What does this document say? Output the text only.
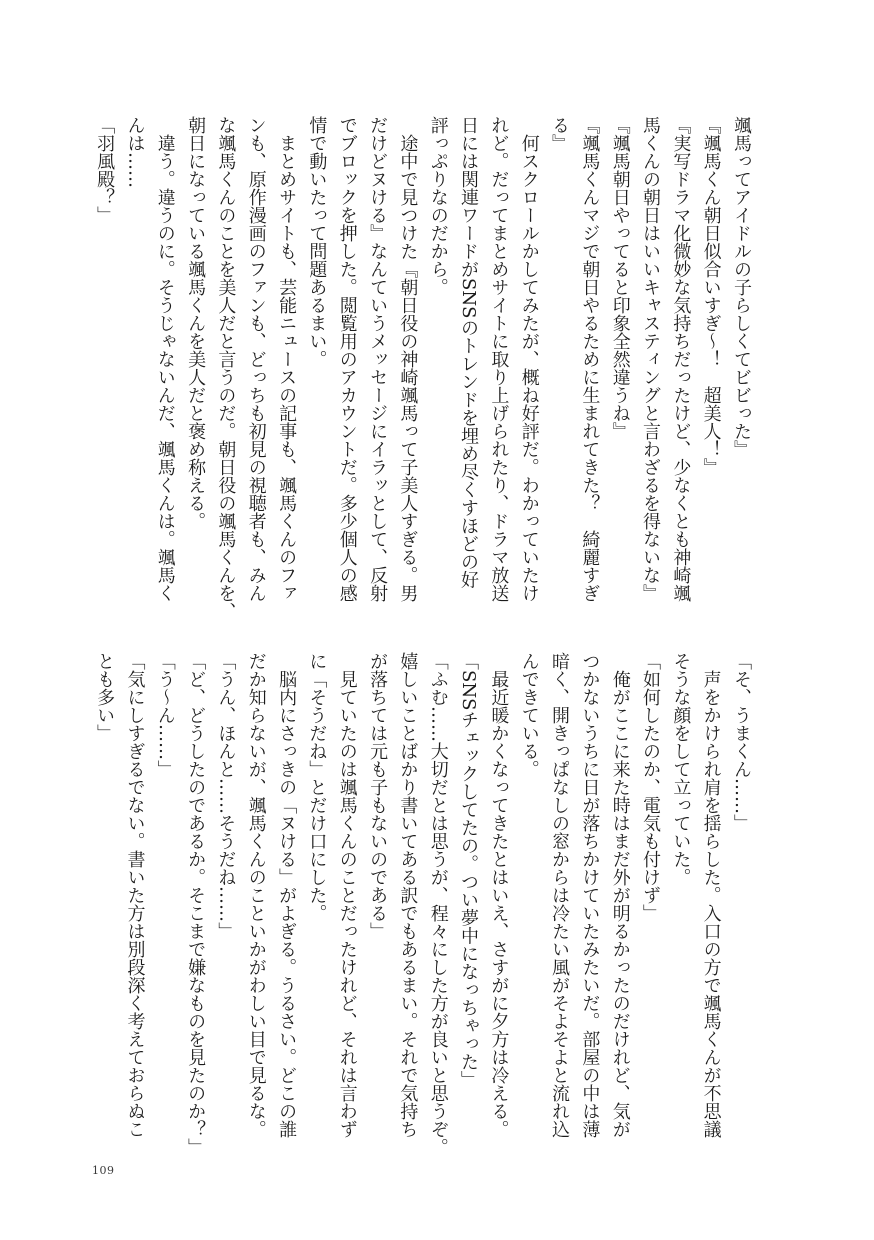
颯馬ってアイドルの子らしくてビビった』
『颯馬くん朝日似合いすぎ～！　超美人！』
『実写ドラマ化微妙な気持ちだったけど、少なくとも神崎颯
馬くんの朝日はいいキャスティングと言わざるを得ないな』
『颯馬朝日やってると印象全然違うね』
『颯馬くんマジで朝日やるために生まれてきた？　綺麗すぎ
る』
　何スクロールかしてみたが、概ね好評だ。わかっていたけ
れど。だってまとめサイトに取り上げられたり、ドラマ放送
日には関連ワードがSNSのトレンドを埋め尽くすほどの好
評っぷりなのだから。
　途中で見つけた『朝日役の神崎颯馬って子美人すぎる。男
だけどヌける』なんていうメッセージにイラッとして、反射
でブロックを押した。閲覧用のアカウントだ。多少個人の感
情で動いたって問題あるまい。
　まとめサイトも、芸能ニュースの記事も、颯馬くんのファ
ンも、原作漫画のファンも、どっちも初見の視聴者も、みん
な颯馬くんのことを美人だと言うのだ。朝日役の颯馬くんを、
朝日になっている颯馬くんを美人だと褒め称える。
　違う。違うのに。そうじゃないんだ、颯馬くんは。颯馬く
んは……
「羽風殿？」
「そ、うまくん……」
　声をかけられ肩を揺らした。入口の方で颯馬くんが不思議
そうな顔をして立っていた。
「如何したのか、電気も付けず」
　俺がここに来た時はまだ外が明るかったのだけれど、気が
つかないうちに日が落ちかけていたみたいだ。部屋の中は薄
暗く、開きっぱなしの窓からは冷たい風がそよそよと流れ込
んできている。
　最近暖かくなってきたとはいえ、さすがに夕方は冷える。
「SNSチェックしてたの。つい夢中になっちゃった」
「ふむ……大切だとは思うが、程々にした方が良いと思うぞ。
嬉しいことばかり書いてある訳でもあるまい。それで気持ち
が落ちては元も子もないのである」
　見ていたのは颯馬くんのことだったけれど、それは言わず
に「そうだね」とだけ口にした。
　脳内にさっきの「ヌける」がよぎる。うるさい。どこの誰
だか知らないが、颯馬くんのこといかがわしい目で見るな。
「うん、ほんと……そうだね……」
「ど、どうしたのであるか。そこまで嫌なものを見たのか？」
「う～ん……」
「気にしすぎるでない。書いた方は別段深く考えておらぬこ
とも多い」
109
